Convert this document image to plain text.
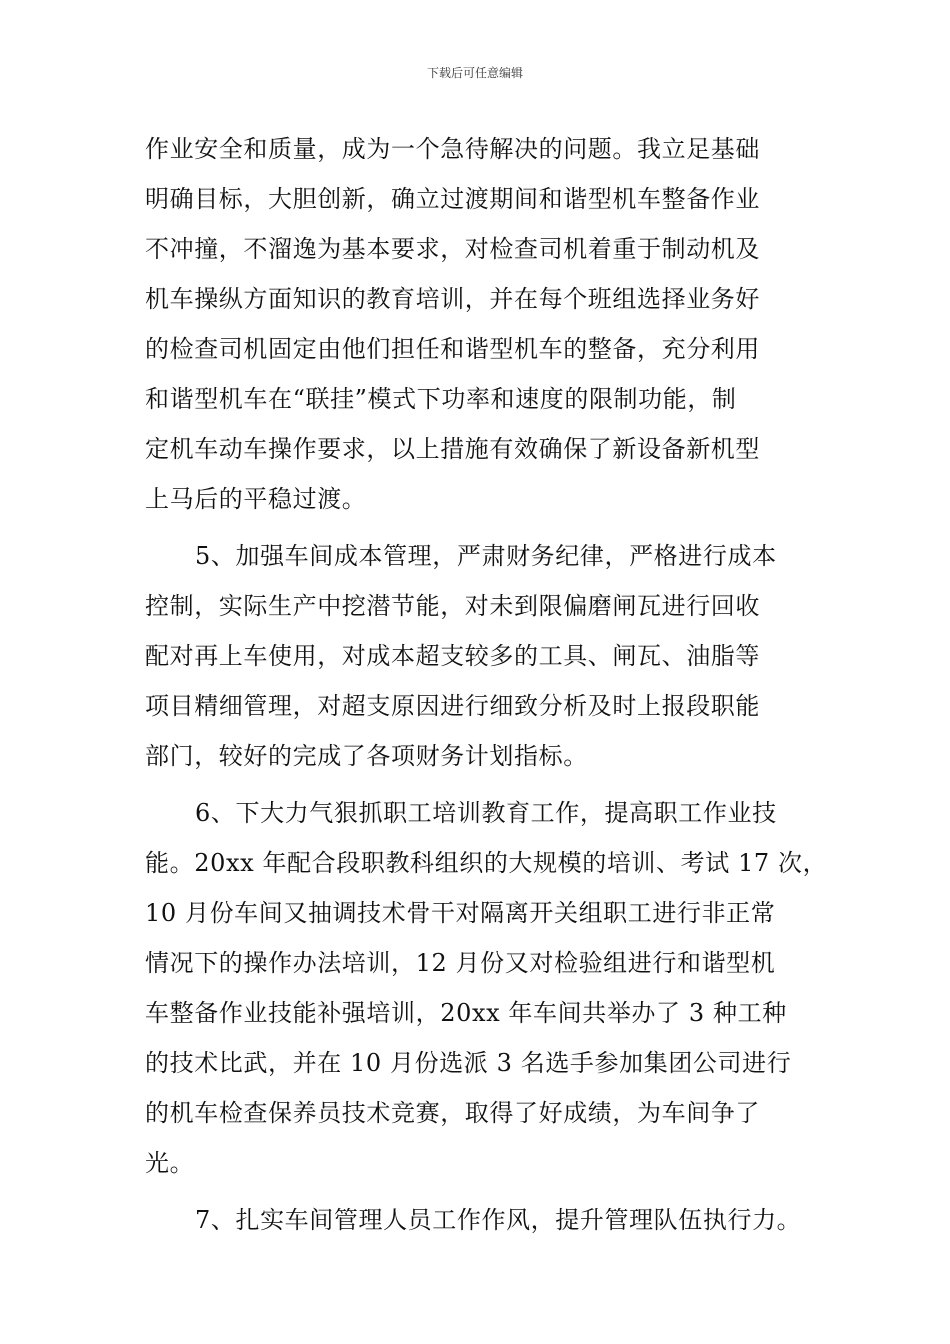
下载后可任意编辑
作业安全和质量，成为一个急待解决的问题。我立足基础
明确目标，大胆创新，确立过渡期间和谐型机车整备作业
不冲撞，不溜逸为基本要求，对检查司机着重于制动机及
机车操纵方面知识的教育培训，并在每个班组选择业务好
的检查司机固定由他们担任和谐型机车的整备，充分利用
和谐型机车在“联挂”模式下功率和速度的限制功能，制
定机车动车操作要求，以上措施有效确保了新设备新机型
上马后的平稳过渡。
5、加强车间成本管理，严肃财务纪律，严格进行成本
控制，实际生产中挖潜节能，对未到限偏磨闸瓦进行回收
配对再上车使用，对成本超支较多的工具、闸瓦、油脂等
项目精细管理，对超支原因进行细致分析及时上报段职能
部门，较好的完成了各项财务计划指标。
6、下大力气狠抓职工培训教育工作，提高职工作业技
能。20xx 年配合段职教科组织的大规模的培训、考试 17 次，
10 月份车间又抽调技术骨干对隔离开关组职工进行非正常
情况下的操作办法培训，12 月份又对检验组进行和谐型机
车整备作业技能补强培训，20xx 年车间共举办了 3 种工种
的技术比武，并在 10 月份选派 3 名选手参加集团公司进行
的机车检查保养员技术竞赛，取得了好成绩，为车间争了
光。
7、扎实车间管理人员工作作风，提升管理队伍执行力。
